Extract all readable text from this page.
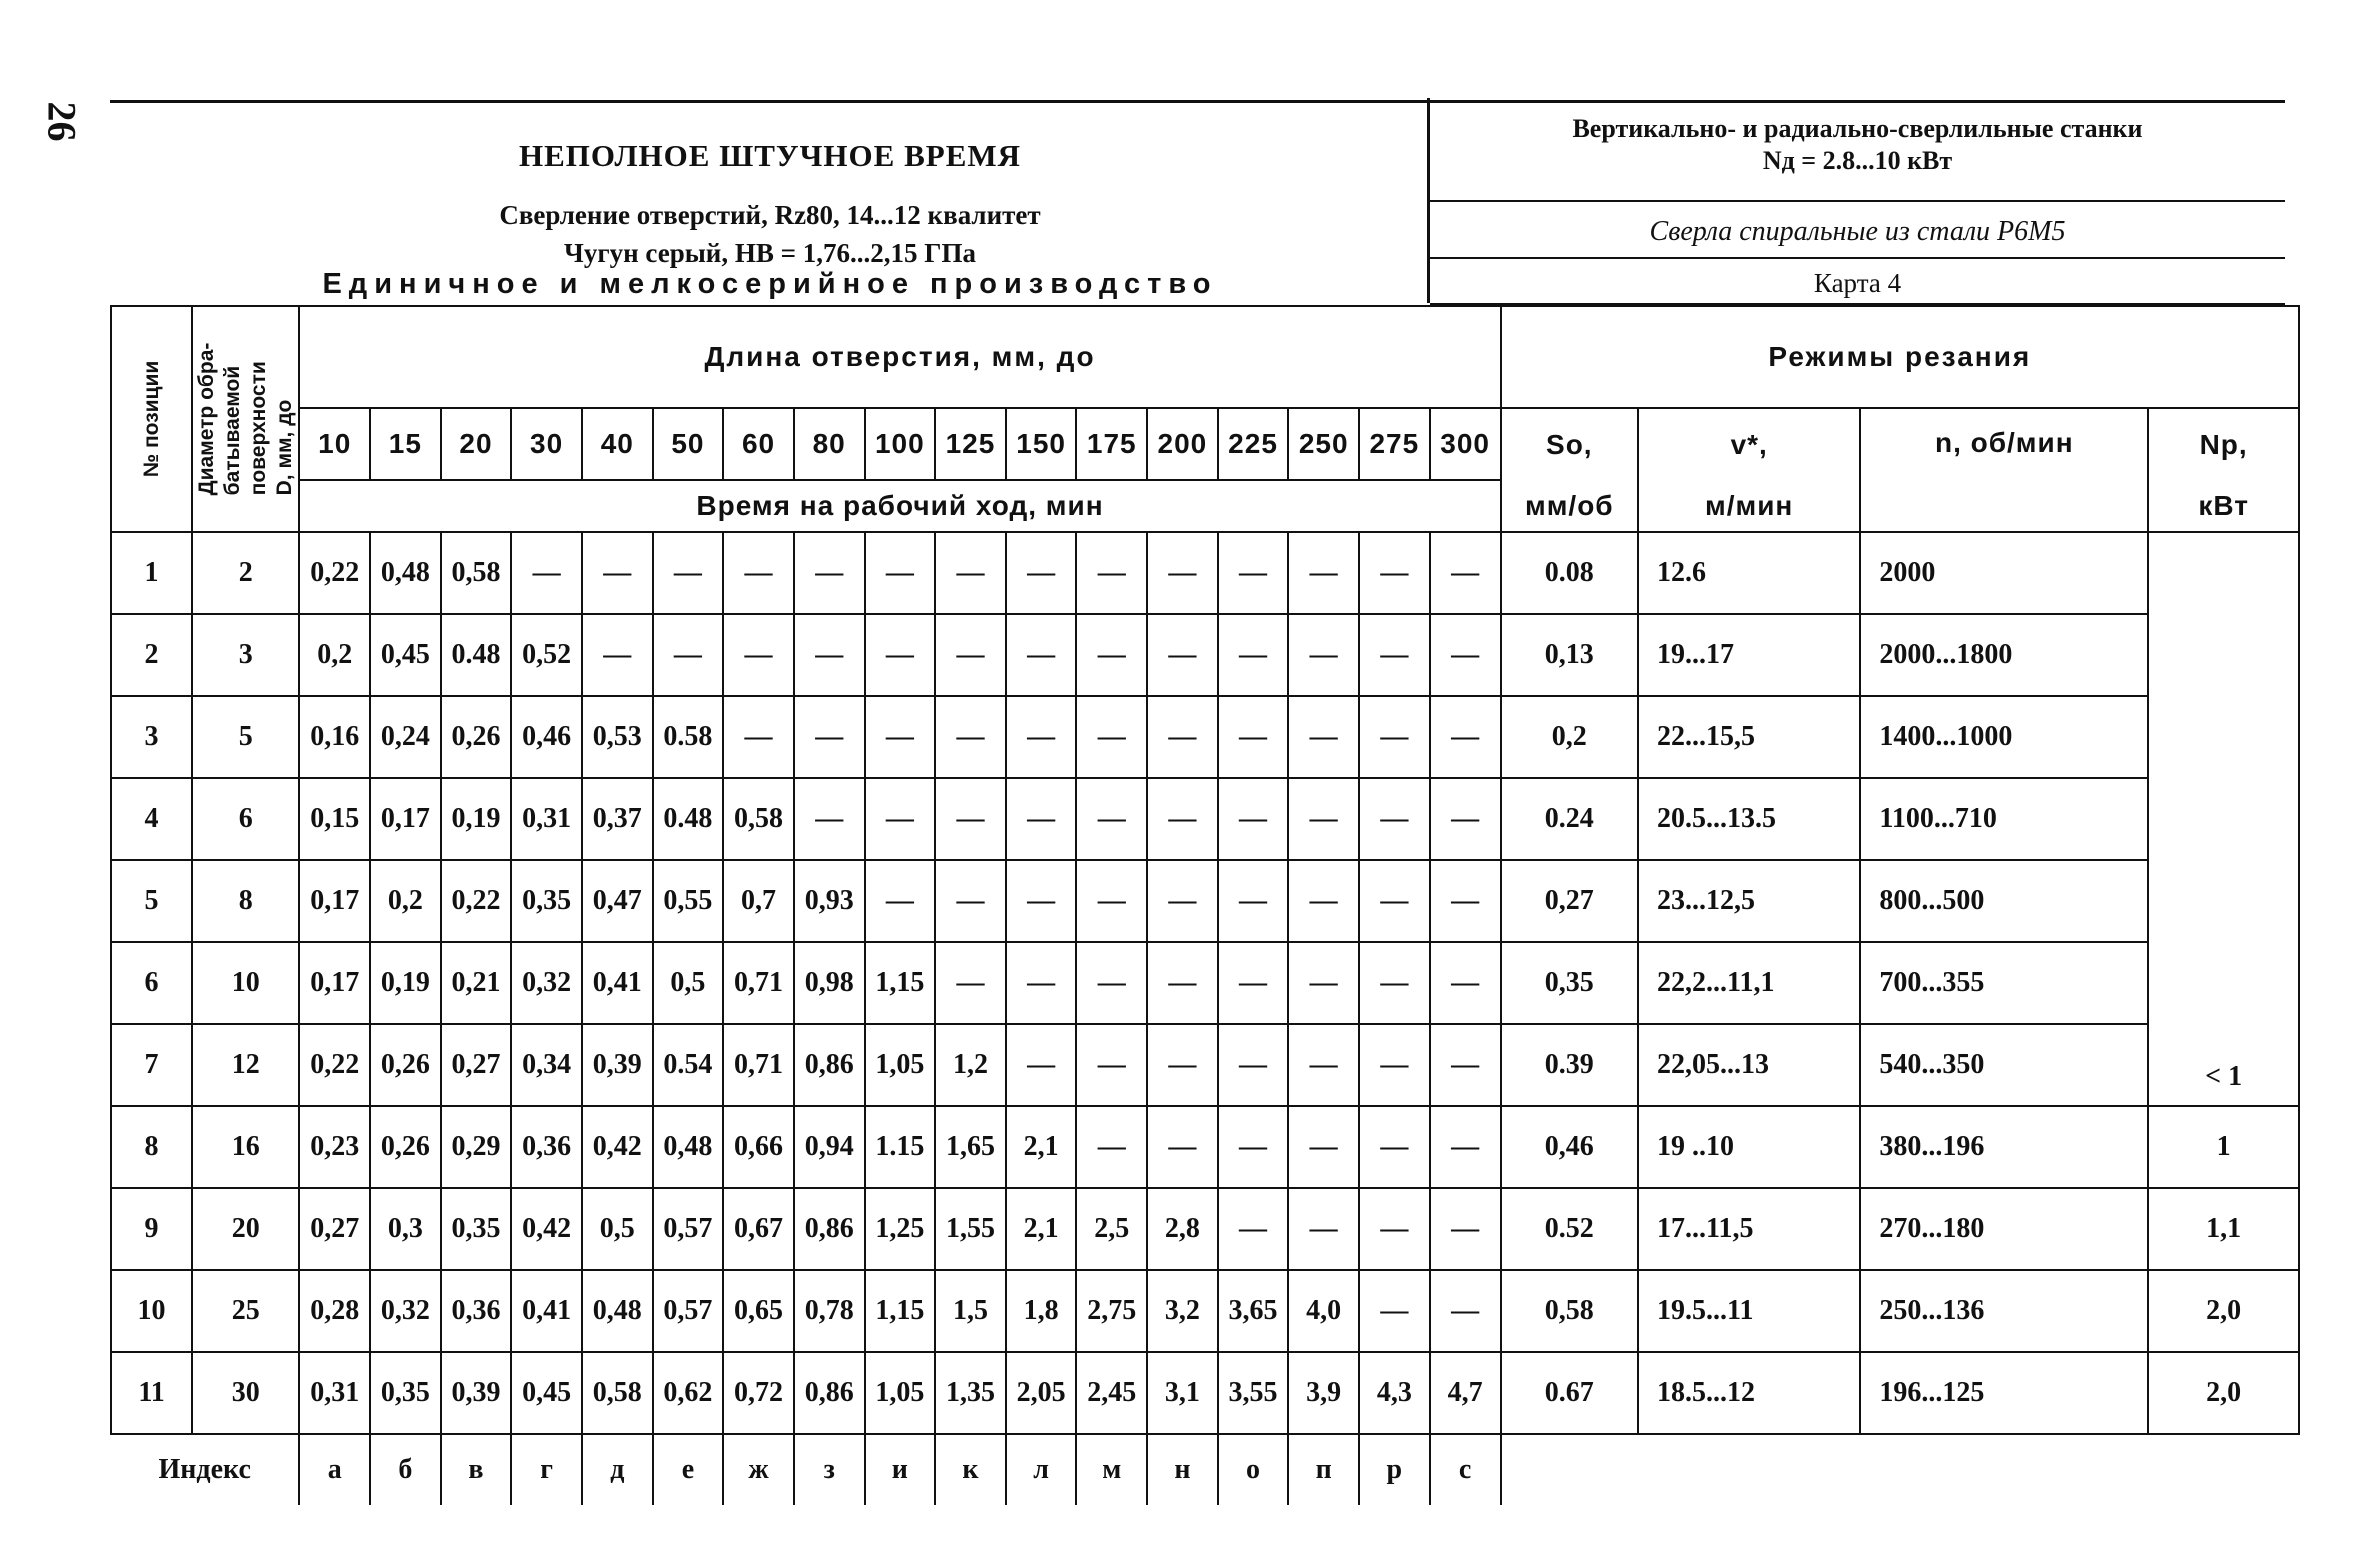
26
НЕПОЛНОЕ ШТУЧНОЕ ВРЕМЯ
Сверление отверстий, Rz80, 14...12 квалитет
Чугун серый, НВ = 1,76...2,15 ГПа
Единичное и мелкосерийное производство
Вертикально- и радиально-сверлильные станки
Nд = 2.8...10 кВт
Сверла спиральные из стали Р6М5
Карта 4
№ позиции	Диаметр обра- батываемой поверхности D, мм, до	Длина отверстия, мм, до																	Режимы резания			
		10	15	20	30	40	50	60	80	100	125	150	175	200	225	250	275	300	So,	v*,	n, об/мин	Nр,
		Время на рабочий ход, мин																	мм/об	м/мин		кВт
1	2	0,22	0,48	0,58	—	—	—	—	—	—	—	—	—	—	—	—	—	—	0.08	12.6	2000	< 1
2	3	0,2	0,45	0.48	0,52	—	—	—	—	—	—	—	—	—	—	—	—	—	0,13	19...17	2000...1800	
3	5	0,16	0,24	0,26	0,46	0,53	0.58	—	—	—	—	—	—	—	—	—	—	—	0,2	22...15,5	1400...1000	
4	6	0,15	0,17	0,19	0,31	0,37	0.48	0,58	—	—	—	—	—	—	—	—	—	—	0.24	20.5...13.5	1100...710	
5	8	0,17	0,2	0,22	0,35	0,47	0,55	0,7	0,93	—	—	—	—	—	—	—	—	—	0,27	23...12,5	800...500	
6	10	0,17	0,19	0,21	0,32	0,41	0,5	0,71	0,98	1,15	—	—	—	—	—	—	—	—	0,35	22,2...11,1	700...355	
7	12	0,22	0,26	0,27	0,34	0,39	0.54	0,71	0,86	1,05	1,2	—	—	—	—	—	—	—	0.39	22,05...13	540...350	
8	16	0,23	0,26	0,29	0,36	0,42	0,48	0,66	0,94	1.15	1,65	2,1	—	—	—	—	—	—	0,46	19 ..10	380...196	1
9	20	0,27	0,3	0,35	0,42	0,5	0,57	0,67	0,86	1,25	1,55	2,1	2,5	2,8	—	—	—	—	0.52	17...11,5	270...180	1,1
10	25	0,28	0,32	0,36	0,41	0,48	0,57	0,65	0,78	1,15	1,5	1,8	2,75	3,2	3,65	4,0	—	—	0,58	19.5...11	250...136	2,0
11	30	0,31	0,35	0,39	0,45	0,58	0,62	0,72	0,86	1,05	1,35	2,05	2,45	3,1	3,55	3,9	4,3	4,7	0.67	18.5...12	196...125	2,0
Индекс		а	б	в	г	д	е	ж	з	и	к	л	м	н	о	п	р	с				
